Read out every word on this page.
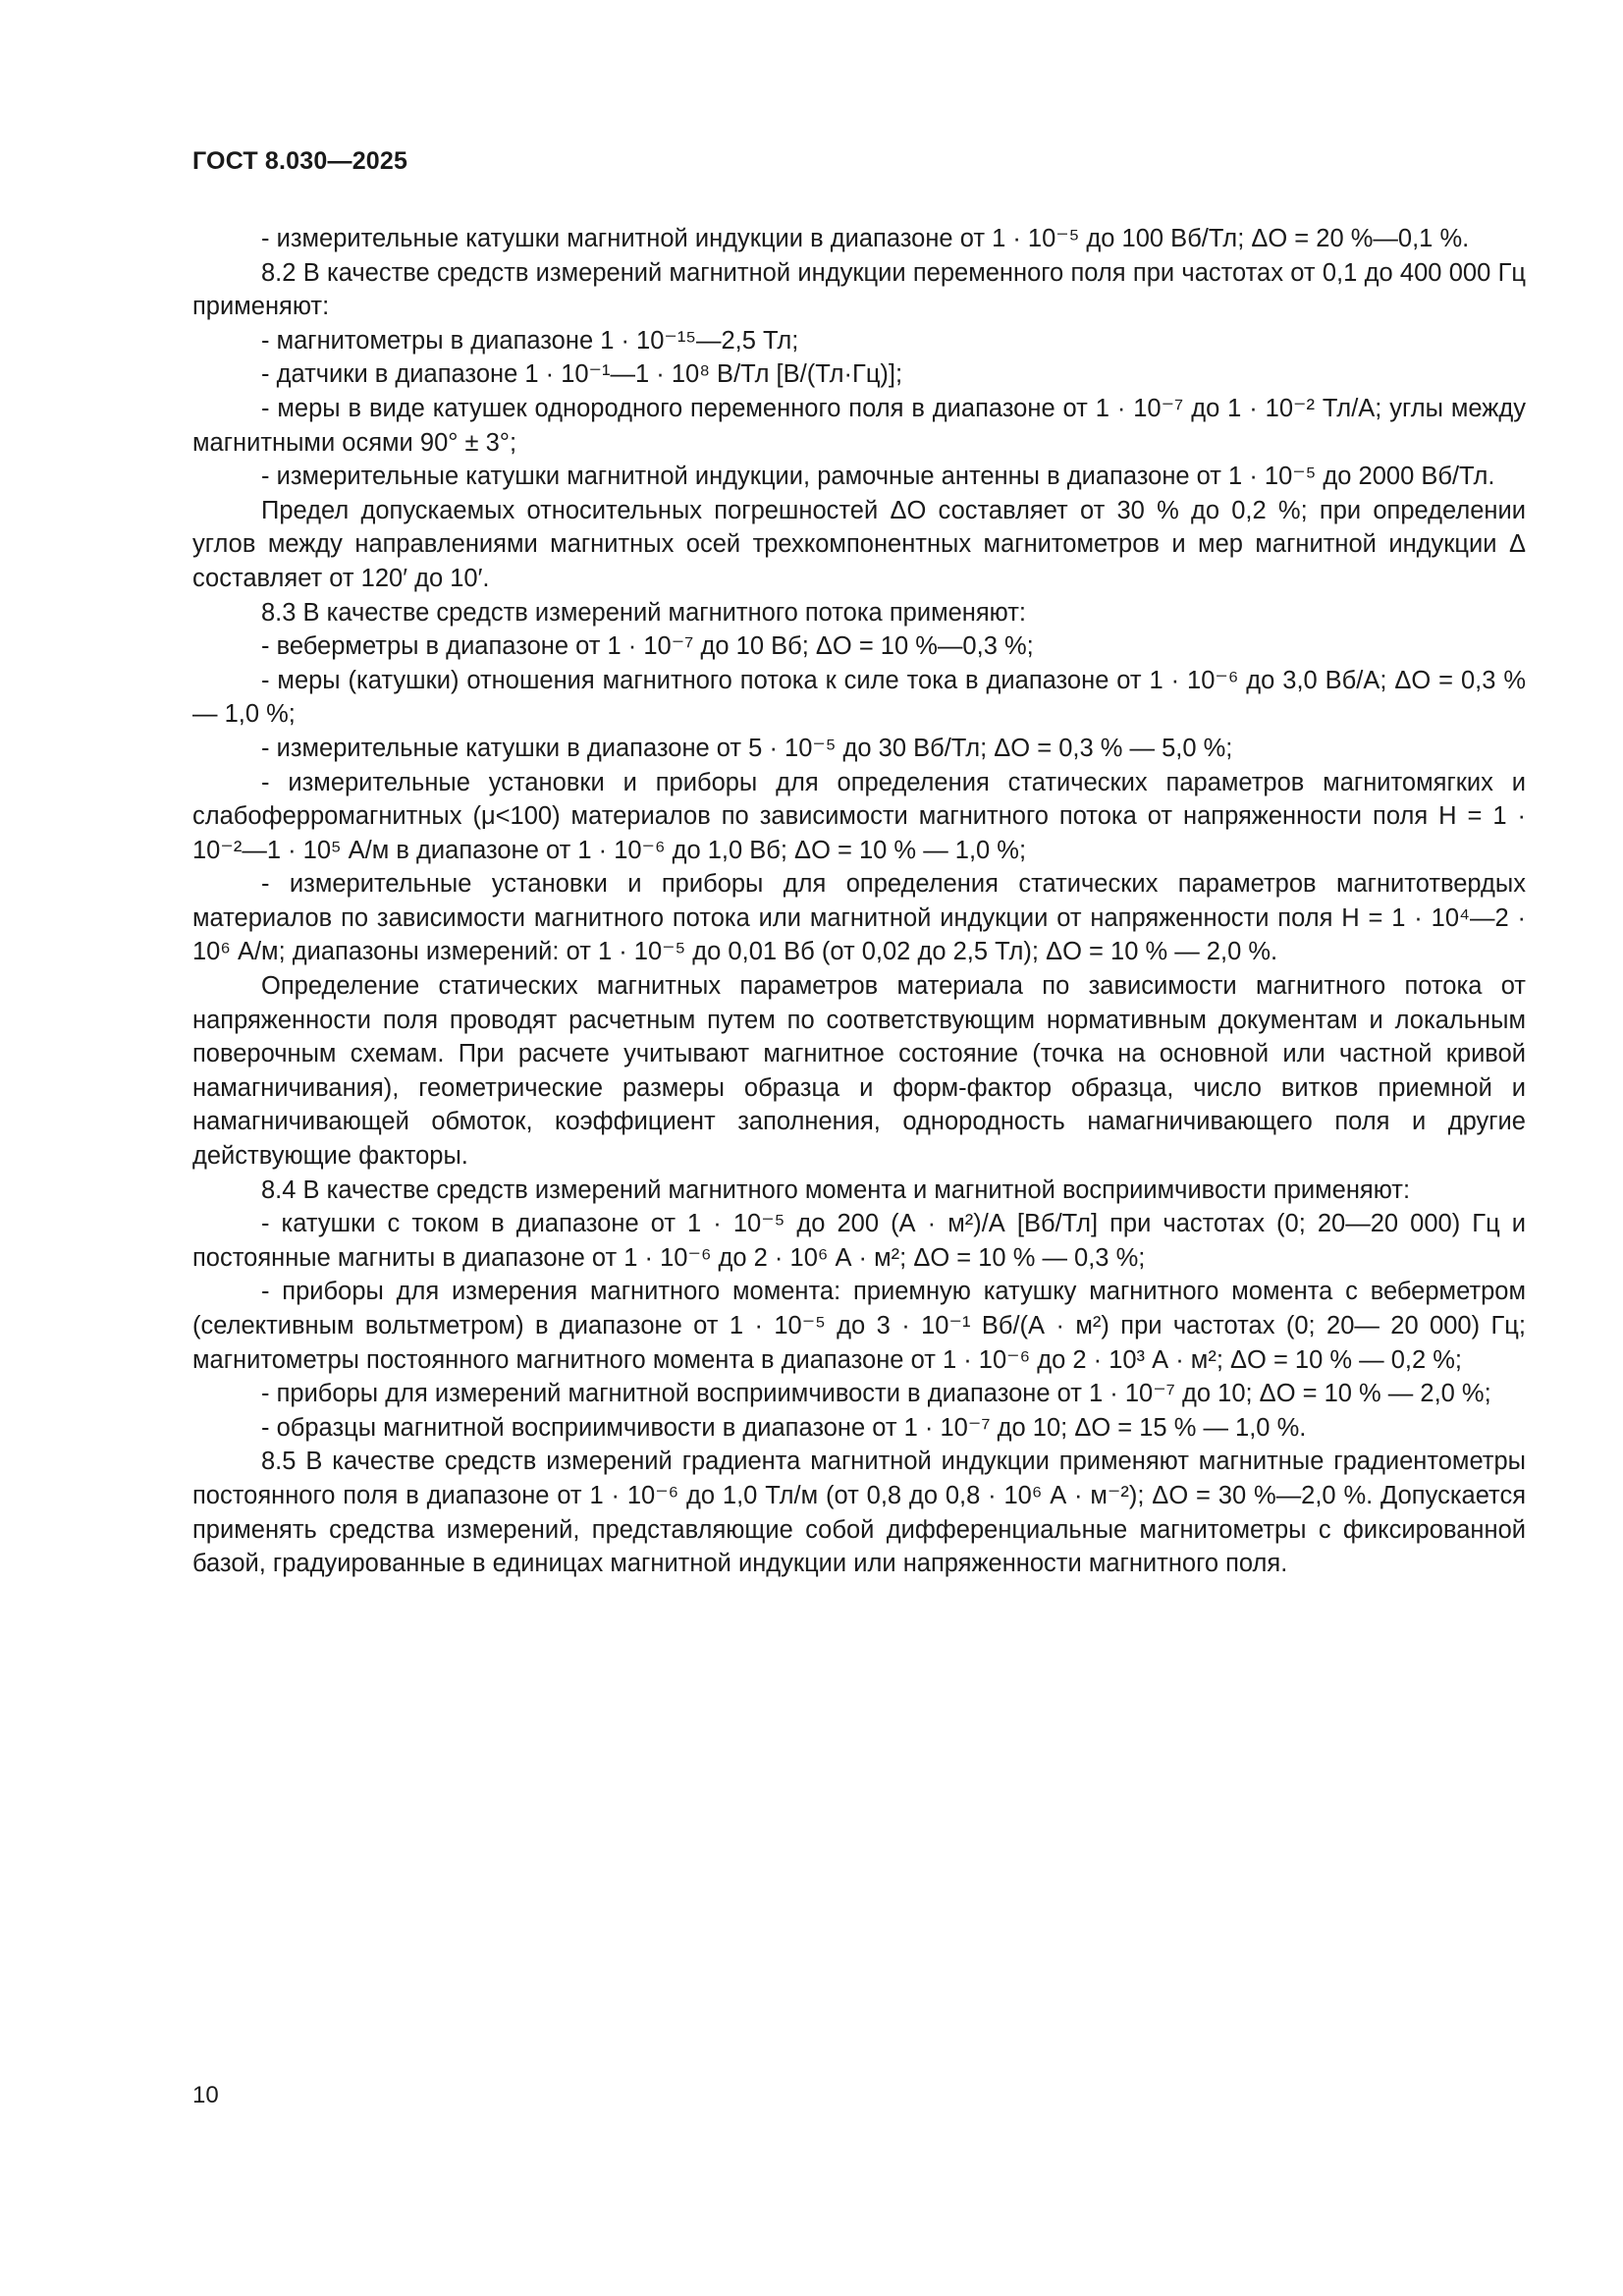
ГОСТ 8.030—2025

- измерительные катушки магнитной индукции в диапазоне от 1 · 10⁻⁵ до 100 Вб/Тл; ΔO = 20 %—0,1 %.

8.2 В качестве средств измерений магнитной индукции переменного поля при частотах от 0,1 до 400 000 Гц применяют:

- магнитометры в диапазоне 1 · 10⁻¹⁵—2,5 Тл;

- датчики в диапазоне 1 · 10⁻¹—1 · 10⁸ В/Тл [В/(Тл·Гц)];

- меры в виде катушек однородного переменного поля в диапазоне от 1 · 10⁻⁷ до 1 · 10⁻² Тл/А; углы между магнитными осями 90° ± 3°;

- измерительные катушки магнитной индукции, рамочные антенны в диапазоне от 1 · 10⁻⁵ до 2000 Вб/Тл.

Предел допускаемых относительных погрешностей ΔO составляет от 30 % до 0,2 %; при определении углов между направлениями магнитных осей трехкомпонентных магнитометров и мер магнитной индукции Δ составляет от 120′ до 10′.

8.3 В качестве средств измерений магнитного потока применяют:

- веберметры в диапазоне от 1 · 10⁻⁷ до 10 Вб; ΔO = 10 %—0,3 %;

- меры (катушки) отношения магнитного потока к силе тока в диапазоне от 1 · 10⁻⁶ до 3,0 Вб/А; ΔO = 0,3 % — 1,0 %;

- измерительные катушки в диапазоне от 5 · 10⁻⁵ до 30 Вб/Тл; ΔO = 0,3 % — 5,0 %;

- измерительные установки и приборы для определения статических параметров магнитомягких и слабоферромагнитных (μ<100) материалов по зависимости магнитного потока от напряженности поля H = 1 · 10⁻²—1 · 10⁵ А/м в диапазоне от 1 · 10⁻⁶ до 1,0 Вб; ΔO = 10 % — 1,0 %;

- измерительные установки и приборы для определения статических параметров магнитотвердых материалов по зависимости магнитного потока или магнитной индукции от напряженности поля H = 1 · 10⁴—2 · 10⁶ А/м; диапазоны измерений: от 1 · 10⁻⁵ до 0,01 Вб (от 0,02 до 2,5 Тл); ΔO = 10 % — 2,0 %.

Определение статических магнитных параметров материала по зависимости магнитного потока от напряженности поля проводят расчетным путем по соответствующим нормативным документам и локальным поверочным схемам. При расчете учитывают магнитное состояние (точка на основной или частной кривой намагничивания), геометрические размеры образца и форм-фактор образца, число витков приемной и намагничивающей обмоток, коэффициент заполнения, однородность намагничивающего поля и другие действующие факторы.

8.4 В качестве средств измерений магнитного момента и магнитной восприимчивости применяют:

- катушки с током в диапазоне от 1 · 10⁻⁵ до 200 (А · м²)/А [Вб/Тл] при частотах (0; 20—20 000) Гц и постоянные магниты в диапазоне от 1 · 10⁻⁶ до 2 · 10⁶ А · м²; ΔO = 10 % — 0,3 %;

- приборы для измерения магнитного момента: приемную катушку магнитного момента с веберметром (селективным вольтметром) в диапазоне от 1 · 10⁻⁵ до 3 · 10⁻¹ Вб/(А · м²) при частотах (0; 20— 20 000) Гц; магнитометры постоянного магнитного момента в диапазоне от 1 · 10⁻⁶ до 2 · 10³ А · м²; ΔO = 10 % — 0,2 %;

- приборы для измерений магнитной восприимчивости в диапазоне от 1 · 10⁻⁷ до 10; ΔO = 10 % — 2,0 %;

- образцы магнитной восприимчивости в диапазоне от 1 · 10⁻⁷ до 10; ΔO = 15 % — 1,0 %.

8.5 В качестве средств измерений градиента магнитной индукции применяют магнитные градиентометры постоянного поля в диапазоне от 1 · 10⁻⁶ до 1,0 Тл/м (от 0,8 до 0,8 · 10⁶ А · м⁻²); ΔO = 30 %—2,0 %. Допускается применять средства измерений, представляющие собой дифференциальные магнитометры с фиксированной базой, градуированные в единицах магнитной индукции или напряженности магнитного поля.

10
